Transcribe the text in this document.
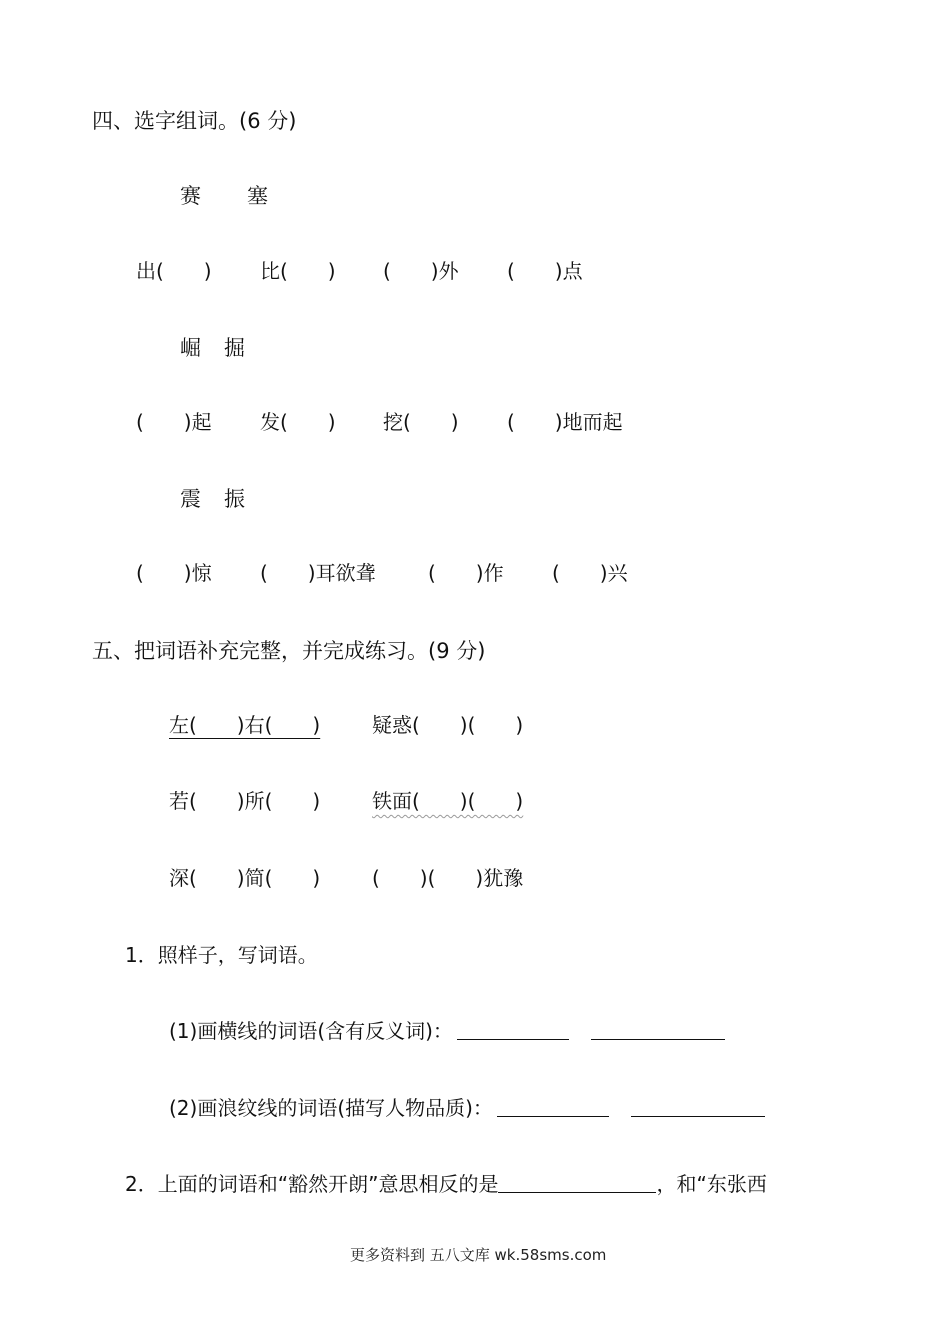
四、选字组词。(6 分)
赛 塞
出(　　) 比(　　) (　　)外 (　　)点
崛 掘
(　　)起 发(　　) 挖(　　) (　　)地而起
震 振
(　　)惊 (　　)耳欲聋	(　　)作 (　　)兴
五、把词语补充完整，并完成练习。(9 分)
左(　　)右(　　)	疑惑(　　)(　　)
若(　　)所(　　)	铁面(　　)(　　)
深(　　)简(　　)	(　　)(　　)犹豫
1．照样子，写词语。
(1)画横线的词语(含有反义词)：
(2)画浪纹线的词语(描写人物品质)：
2．上面的词语和“豁然开朗”意思相反的是	，和“东张西
更多资料到 五八文库 wk.58sms.com
